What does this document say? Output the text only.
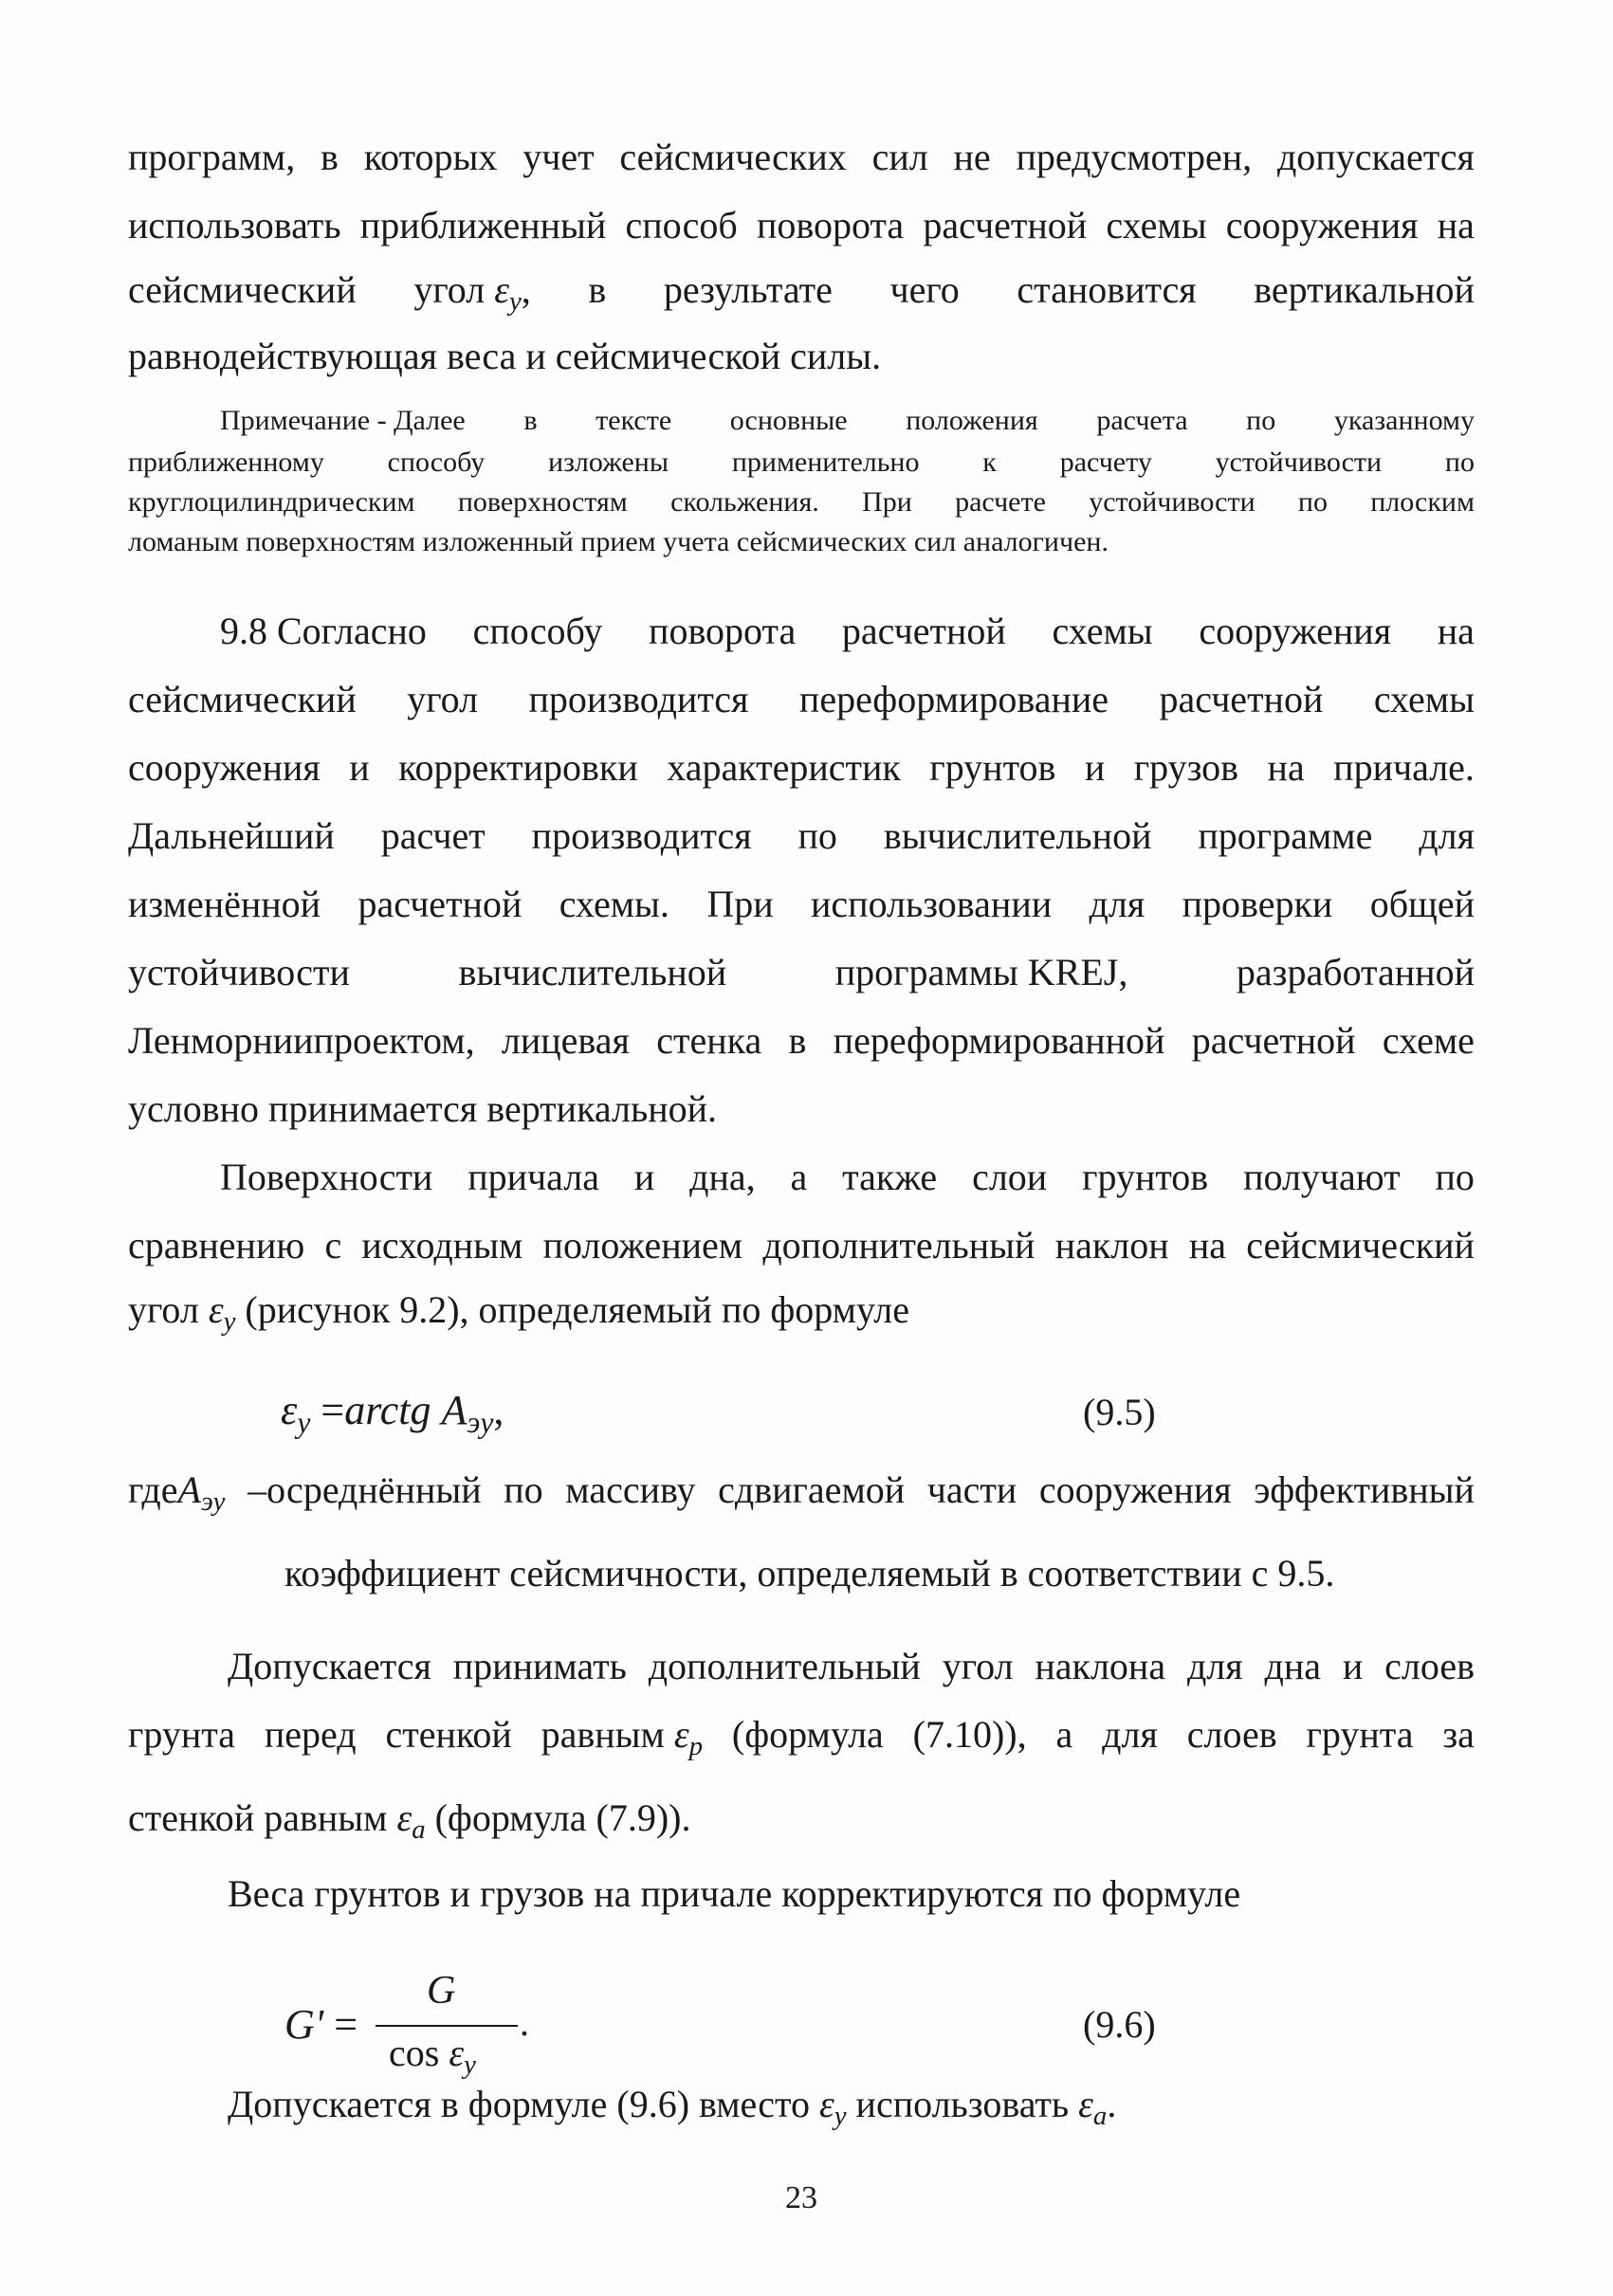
программ, в которых учет сейсмических сил не предусмотрен, допускается
использовать приближенный способ поворота расчетной схемы сооружения на
сейсмический угол $\varepsilon_y$, в результате чего становится вертикальной
равнодействующая веса и сейсмической силы.
Примечание - Далее в тексте основные положения расчета по указанному
приближенному способу изложены применительно к расчету устойчивости по
круглоцилиндрическим поверхностям скольжения. При расчете устойчивости по плоским
ломаным поверхностям изложенный прием учета сейсмических сил аналогичен.
9.8 Согласно способу поворота расчетной схемы сооружения на
сейсмический угол производится переформирование расчетной схемы
сооружения и корректировки характеристик грунтов и грузов на причале.
Дальнейший расчет производится по вычислительной программе для
изменённой расчетной схемы. При использовании для проверки общей
устойчивости	вычислительной	программы KREJ,	разработанной
Ленморниипроектом, лицевая стенка в переформированной расчетной схеме
условно принимается вертикальной.
Поверхности причала и дна, а также слои грунтов получают по
сравнению с исходным положением дополнительный наклон на сейсмический
угол $\varepsilon_y$ (рисунок 9.2), определяемый по формуле
$\varepsilon_y$ =arctg $A_{эу}$,	(9.5)
гдеA$_{эу}$ –осреднённый по массиву сдвигаемой части сооружения эффективный
коэффициент сейсмичности, определяемый в соответствии с 9.5.
Допускается принимать дополнительный угол наклона для дна и слоев
грунта перед стенкой равным $\varepsilon_p$ (формула (7.10)), а для слоев грунта за
стенкой равным $\varepsilon_a$ (формула (7.9)).
Веса грунтов и грузов на причале корректируются по формуле
G' =
G
.
$\cos \varepsilon_y$
(9.6)
Допускается в формуле (9.6) вместо $\varepsilon_y$ использовать $\varepsilon_a$.
23
